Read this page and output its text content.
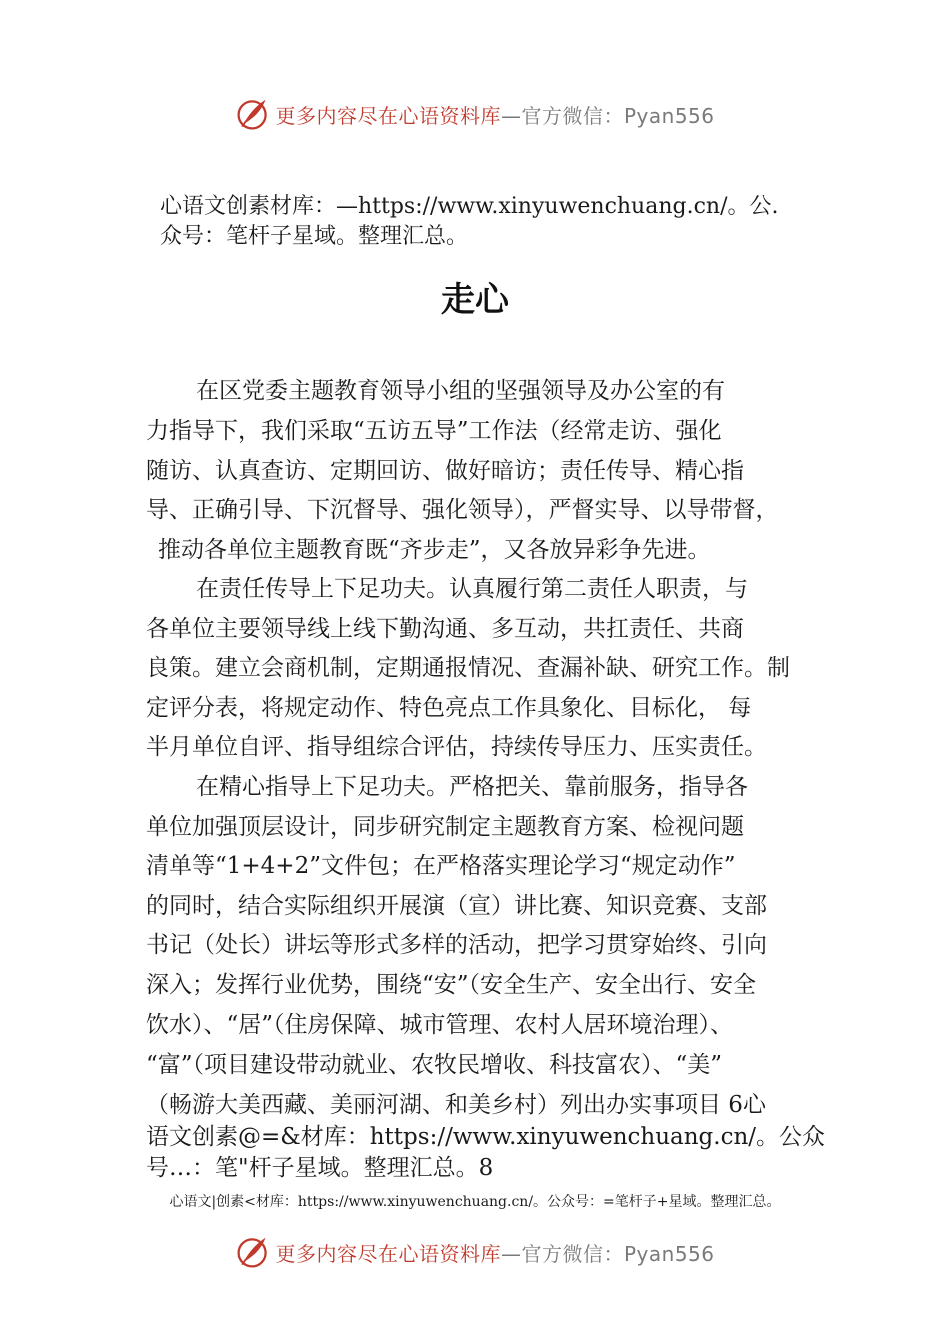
更多内容尽在心语资料库—官方微信：Pyan556
心语文创素材库：—https://www.xinyuwenchuang.cn/。公.
众号：笔杆子星域。整理汇总。
走心
在区党委主题教育领导小组的坚强领导及办公室的有
力指导下，我们采取“五访五导”工作法（经常走访、强化
随访、认真查访、定期回访、做好暗访；责任传导、精心指
导、正确引导、下沉督导、强化领导），严督实导、以导带督，
推动各单位主题教育既“齐步走”，又各放异彩争先进。
在责任传导上下足功夫。认真履行第二责任人职责，与
各单位主要领导线上线下勤沟通、多互动，共扛责任、共商
良策。建立会商机制，定期通报情况、查漏补缺、研究工作。制
定评分表，将规定动作、特色亮点工作具象化、目标化， 每
半月单位自评、指导组综合评估，持续传导压力、压实责任。
在精心指导上下足功夫。严格把关、靠前服务，指导各
单位加强顶层设计，同步研究制定主题教育方案、检视问题
清单等“1+4+2”文件包；在严格落实理论学习“规定动作”
的同时，结合实际组织开展演（宣）讲比赛、知识竞赛、支部
书记（处长）讲坛等形式多样的活动，把学习贯穿始终、引向
深入；发挥行业优势，围绕“安”（安全生产、安全出行、安全
饮水）、“居”（住房保障、城市管理、农村人居环境治理）、
“富”（项目建设带动就业、农牧民增收、科技富农）、“美”
（畅游大美西藏、美丽河湖、和美乡村）列出办实事项目 6心
语文创素@=&材库：https://www.xinyuwenchuang.cn/。公众
号…：笔"杆子星域。整理汇总。8
心语文|创素<材库：https://www.xinyuwenchuang.cn/。公众号：=笔杆子+星域。整理汇总。
更多内容尽在心语资料库—官方微信：Pyan556
